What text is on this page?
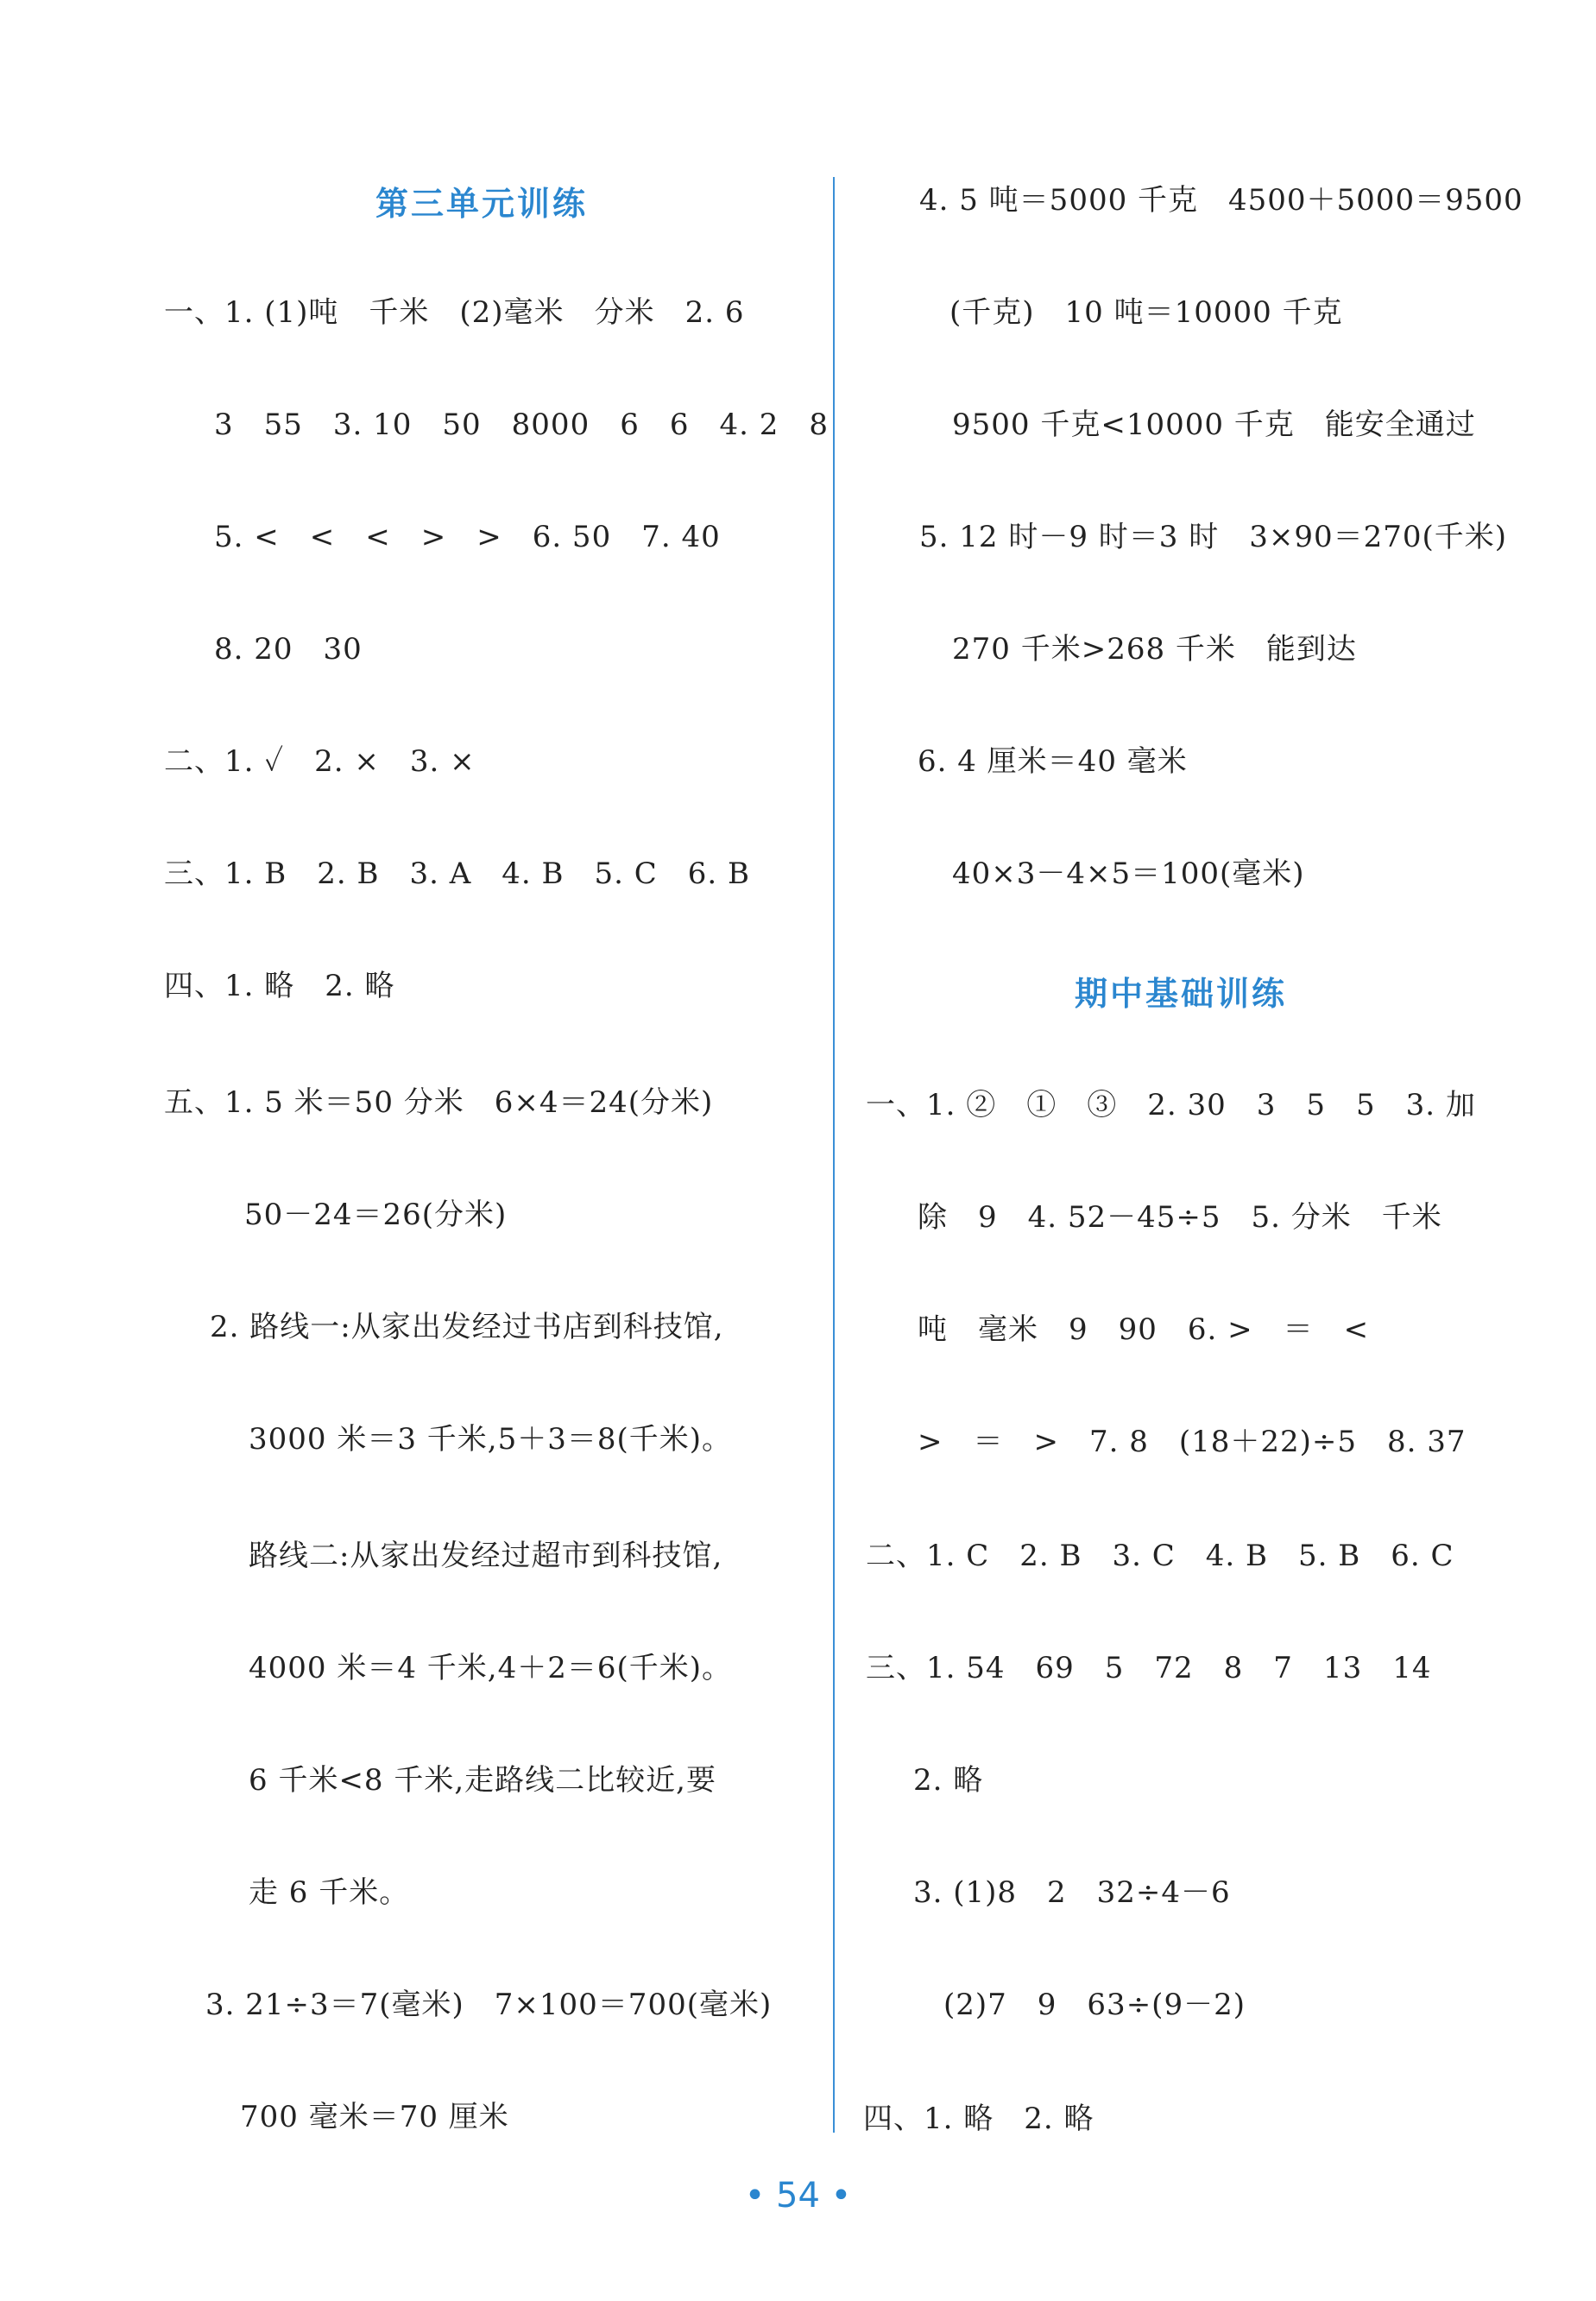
第三单元训练
一、1. (1)吨　千米　(2)毫米　分米　2. 6
3　55　3. 10　50　8000　6　6　4. 2　8
5. <　<　<　>　>　6. 50　7. 40
8. 20　30
二、1. ✓　2. ×　3. ×
三、1. B　2. B　3. A　4. B　5. C　6. B
四、1. 略　2. 略
五、1. 5 米＝50 分米　6×4＝24(分米)
50－24＝26(分米)
2. 路线一:从家出发经过书店到科技馆,
3000 米＝3 千米,5＋3＝8(千米)。
路线二:从家出发经过超市到科技馆,
4000 米＝4 千米,4＋2＝6(千米)。
6 千米<8 千米,走路线二比较近,要
走 6 千米。
3. 21÷3＝7(毫米)　7×100＝700(毫米)
700 毫米＝70 厘米
4. 5 吨＝5000 千克　4500＋5000＝9500
(千克)　10 吨＝10000 千克
9500 千克<10000 千克　能安全通过
5. 12 时－9 时＝3 时　3×90＝270(千米)
270 千米>268 千米　能到达
6. 4 厘米＝40 毫米
40×3－4×5＝100(毫米)
期中基础训练
一、1. ②　①　③　2. 30　3　5　5　3. 加
除　9　4. 52－45÷5　5. 分米　千米
吨　毫米　9　90　6. >　＝　<
>　＝　>　7. 8　(18＋22)÷5　8. 37
二、1. C　2. B　3. C　4. B　5. B　6. C
三、1. 54　69　5　72　8　7　13　14
2. 略
3. (1)8　2　32÷4－6
(2)7　9　63÷(9－2)
四、1. 略　2. 略
• 54 •
